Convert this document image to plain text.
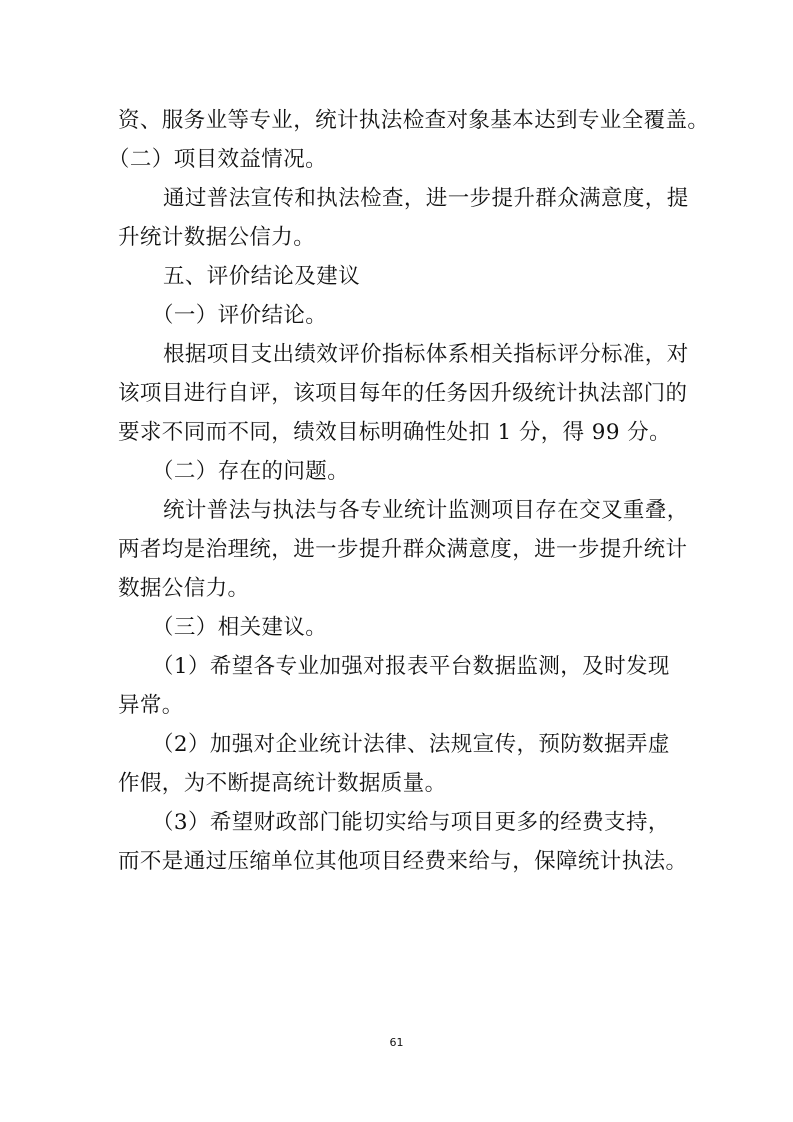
资、服务业等专业，统计执法检查对象基本达到专业全覆盖。
（二）项目效益情况。
通过普法宣传和执法检查，进一步提升群众满意度，提
升统计数据公信力。
五、评价结论及建议
（一）评价结论。
根据项目支出绩效评价指标体系相关指标评分标准，对
该项目进行自评，该项目每年的任务因升级统计执法部门的
要求不同而不同，绩效目标明确性处扣 1 分，得 99 分。
（二）存在的问题。
统计普法与执法与各专业统计监测项目存在交叉重叠，
两者均是治理统，进一步提升群众满意度，进一步提升统计
数据公信力。
（三）相关建议。
（1）希望各专业加强对报表平台数据监测，及时发现
异常。
（2）加强对企业统计法律、法规宣传，预防数据弄虚
作假，为不断提高统计数据质量。
（3）希望财政部门能切实给与项目更多的经费支持，
而不是通过压缩单位其他项目经费来给与，保障统计执法。
61
